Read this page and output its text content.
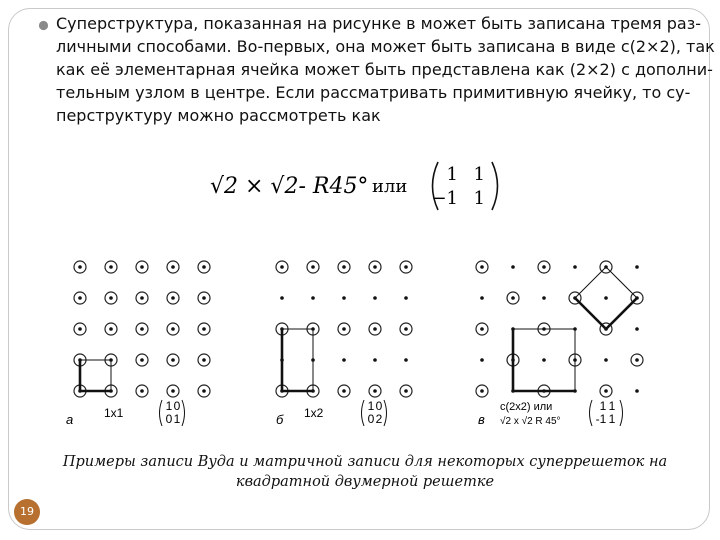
Суперструктура, показанная на рисунке в может быть записана тремя раз-
личными способами. Во-первых, она может быть записана в виде c(2×2), так
как её элементарная ячейка может быть представлена как (2×2) с дополни-
тельным узлом в центре. Если рассматривать примитивную ячейку, то су-
перструктуру можно рассмотреть как
√2 × √2- R45° или
1 1
−1 1
а	1x1	1 0
0 1	б 1x2	1 0
0 2	в
c(2x2) или
√2 x √2 R 45°
1 1
-1 1
Примеры записи Вуда и матричной записи для некоторых суперрешеток на
квадратной двумерной решетке
19
